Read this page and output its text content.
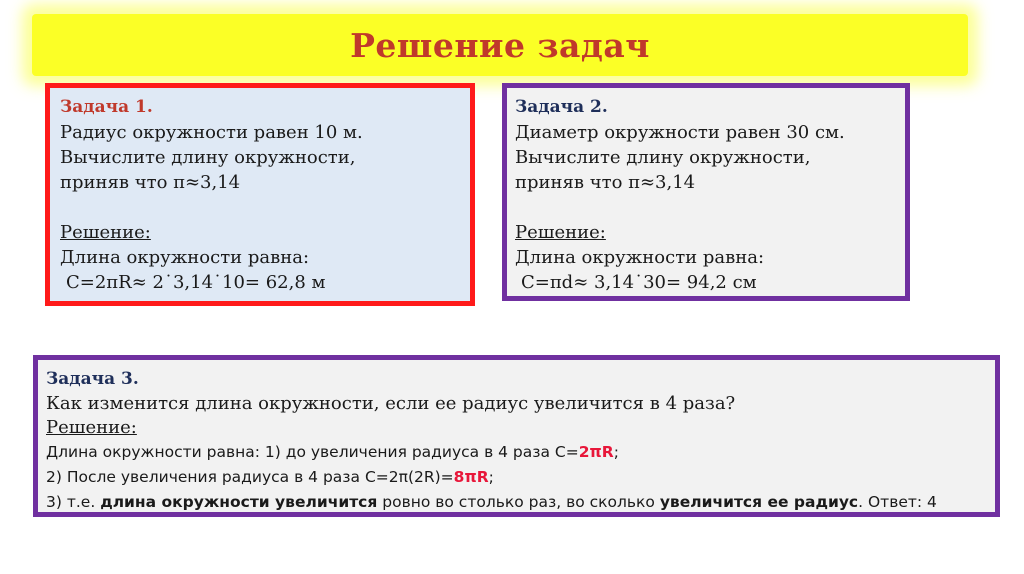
Решение задач
Задача 1.
Радиус окружности равен 10 м.
Вычислите длину окружности,
приняв что π≈3,14
Решение:
Длина окружности равна:
С=2πR≈ 2˙3,14˙10= 62,8 м
Задача 2.
Диаметр окружности равен 30 см.
Вычислите длину окружности,
приняв что π≈3,14
Решение:
Длина окружности равна:
С=πd≈ 3,14˙30= 94,2 см
Задача 3.
Как изменится длина окружности, если ее радиус увеличится в 4 раза?
Решение:
Длина окружности равна: 1) до увеличения радиуса в 4 раза С=2πR;
2) После увеличения радиуса в 4 раза С=2π(2R)=8πR;
3) т.е. длина окружности увеличится ровно во столько раз, во сколько увеличится ее радиус. Ответ: 4
